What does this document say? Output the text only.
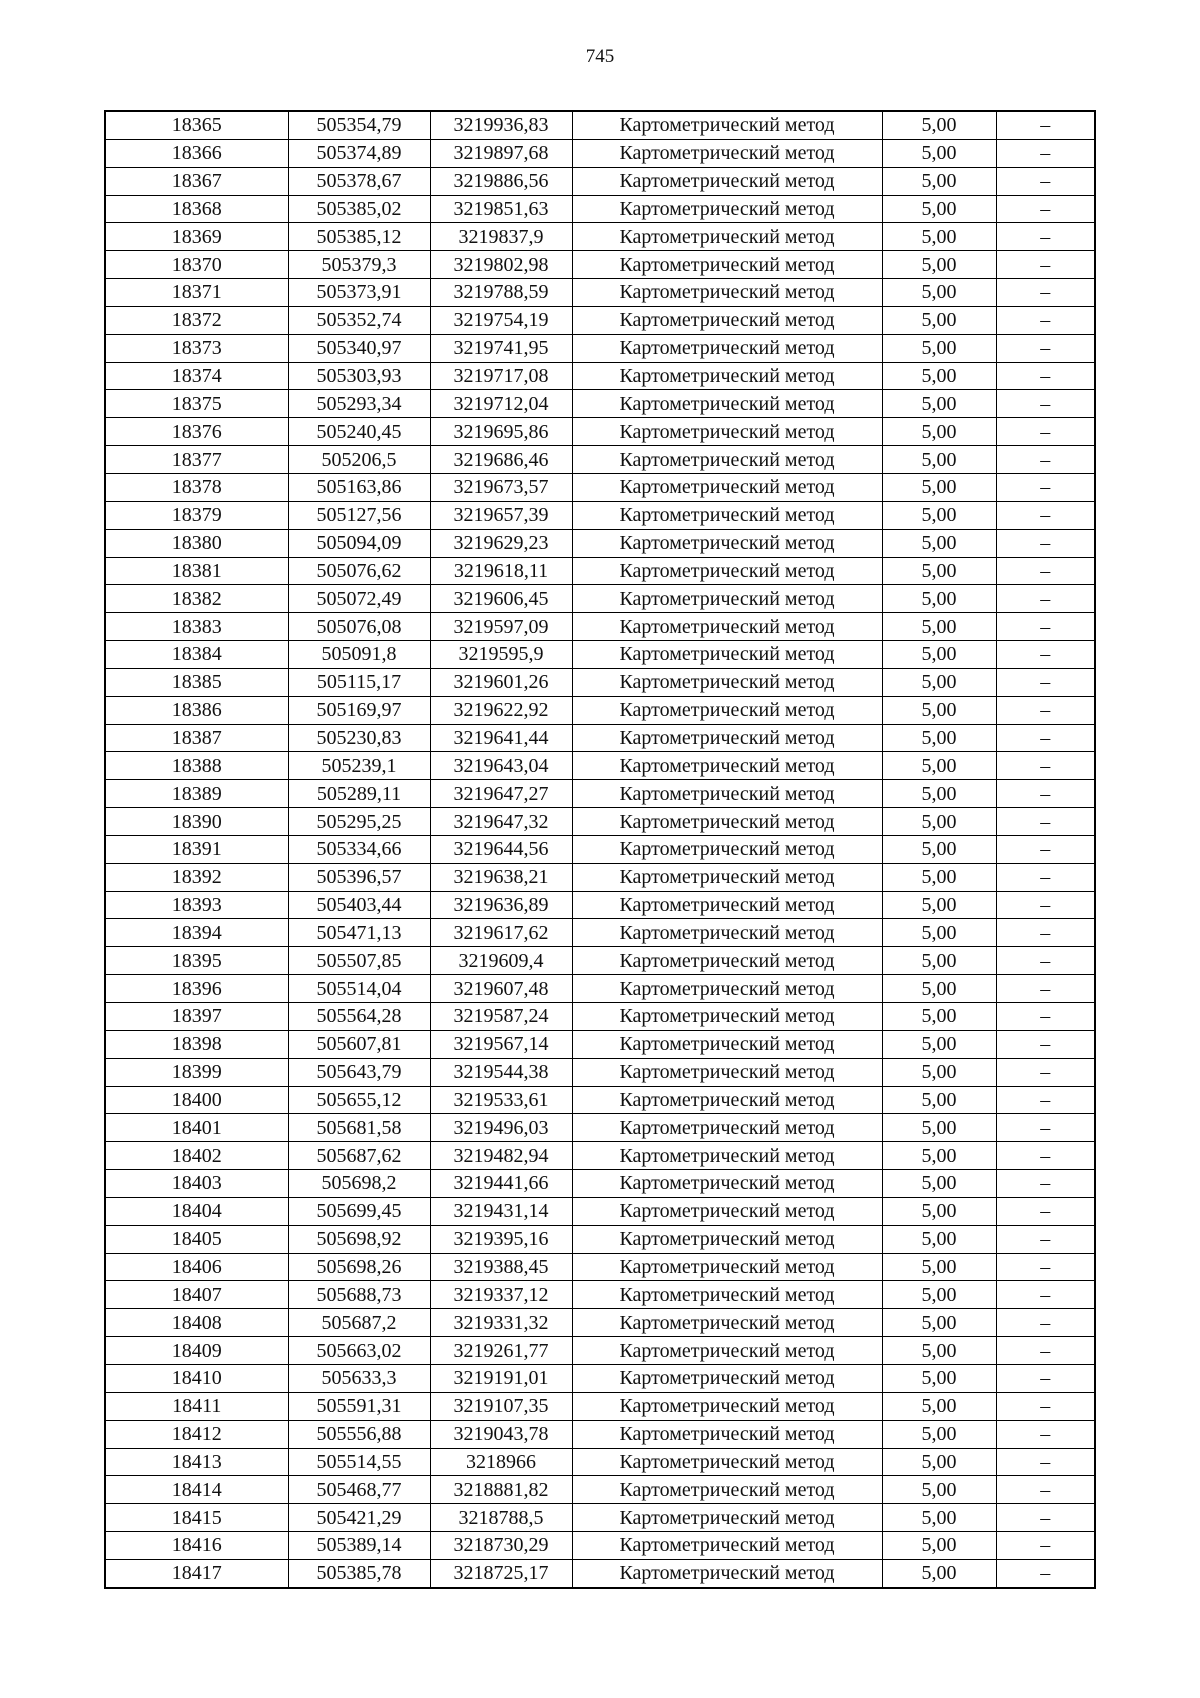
745
18365	505354,79	3219936,83	Картометрический метод	5,00	–
18366	505374,89	3219897,68	Картометрический метод	5,00	–
18367	505378,67	3219886,56	Картометрический метод	5,00	–
18368	505385,02	3219851,63	Картометрический метод	5,00	–
18369	505385,12	3219837,9	Картометрический метод	5,00	–
18370	505379,3	3219802,98	Картометрический метод	5,00	–
18371	505373,91	3219788,59	Картометрический метод	5,00	–
18372	505352,74	3219754,19	Картометрический метод	5,00	–
18373	505340,97	3219741,95	Картометрический метод	5,00	–
18374	505303,93	3219717,08	Картометрический метод	5,00	–
18375	505293,34	3219712,04	Картометрический метод	5,00	–
18376	505240,45	3219695,86	Картометрический метод	5,00	–
18377	505206,5	3219686,46	Картометрический метод	5,00	–
18378	505163,86	3219673,57	Картометрический метод	5,00	–
18379	505127,56	3219657,39	Картометрический метод	5,00	–
18380	505094,09	3219629,23	Картометрический метод	5,00	–
18381	505076,62	3219618,11	Картометрический метод	5,00	–
18382	505072,49	3219606,45	Картометрический метод	5,00	–
18383	505076,08	3219597,09	Картометрический метод	5,00	–
18384	505091,8	3219595,9	Картометрический метод	5,00	–
18385	505115,17	3219601,26	Картометрический метод	5,00	–
18386	505169,97	3219622,92	Картометрический метод	5,00	–
18387	505230,83	3219641,44	Картометрический метод	5,00	–
18388	505239,1	3219643,04	Картометрический метод	5,00	–
18389	505289,11	3219647,27	Картометрический метод	5,00	–
18390	505295,25	3219647,32	Картометрический метод	5,00	–
18391	505334,66	3219644,56	Картометрический метод	5,00	–
18392	505396,57	3219638,21	Картометрический метод	5,00	–
18393	505403,44	3219636,89	Картометрический метод	5,00	–
18394	505471,13	3219617,62	Картометрический метод	5,00	–
18395	505507,85	3219609,4	Картометрический метод	5,00	–
18396	505514,04	3219607,48	Картометрический метод	5,00	–
18397	505564,28	3219587,24	Картометрический метод	5,00	–
18398	505607,81	3219567,14	Картометрический метод	5,00	–
18399	505643,79	3219544,38	Картометрический метод	5,00	–
18400	505655,12	3219533,61	Картометрический метод	5,00	–
18401	505681,58	3219496,03	Картометрический метод	5,00	–
18402	505687,62	3219482,94	Картометрический метод	5,00	–
18403	505698,2	3219441,66	Картометрический метод	5,00	–
18404	505699,45	3219431,14	Картометрический метод	5,00	–
18405	505698,92	3219395,16	Картометрический метод	5,00	–
18406	505698,26	3219388,45	Картометрический метод	5,00	–
18407	505688,73	3219337,12	Картометрический метод	5,00	–
18408	505687,2	3219331,32	Картометрический метод	5,00	–
18409	505663,02	3219261,77	Картометрический метод	5,00	–
18410	505633,3	3219191,01	Картометрический метод	5,00	–
18411	505591,31	3219107,35	Картометрический метод	5,00	–
18412	505556,88	3219043,78	Картометрический метод	5,00	–
18413	505514,55	3218966	Картометрический метод	5,00	–
18414	505468,77	3218881,82	Картометрический метод	5,00	–
18415	505421,29	3218788,5	Картометрический метод	5,00	–
18416	505389,14	3218730,29	Картометрический метод	5,00	–
18417	505385,78	3218725,17	Картометрический метод	5,00	–
